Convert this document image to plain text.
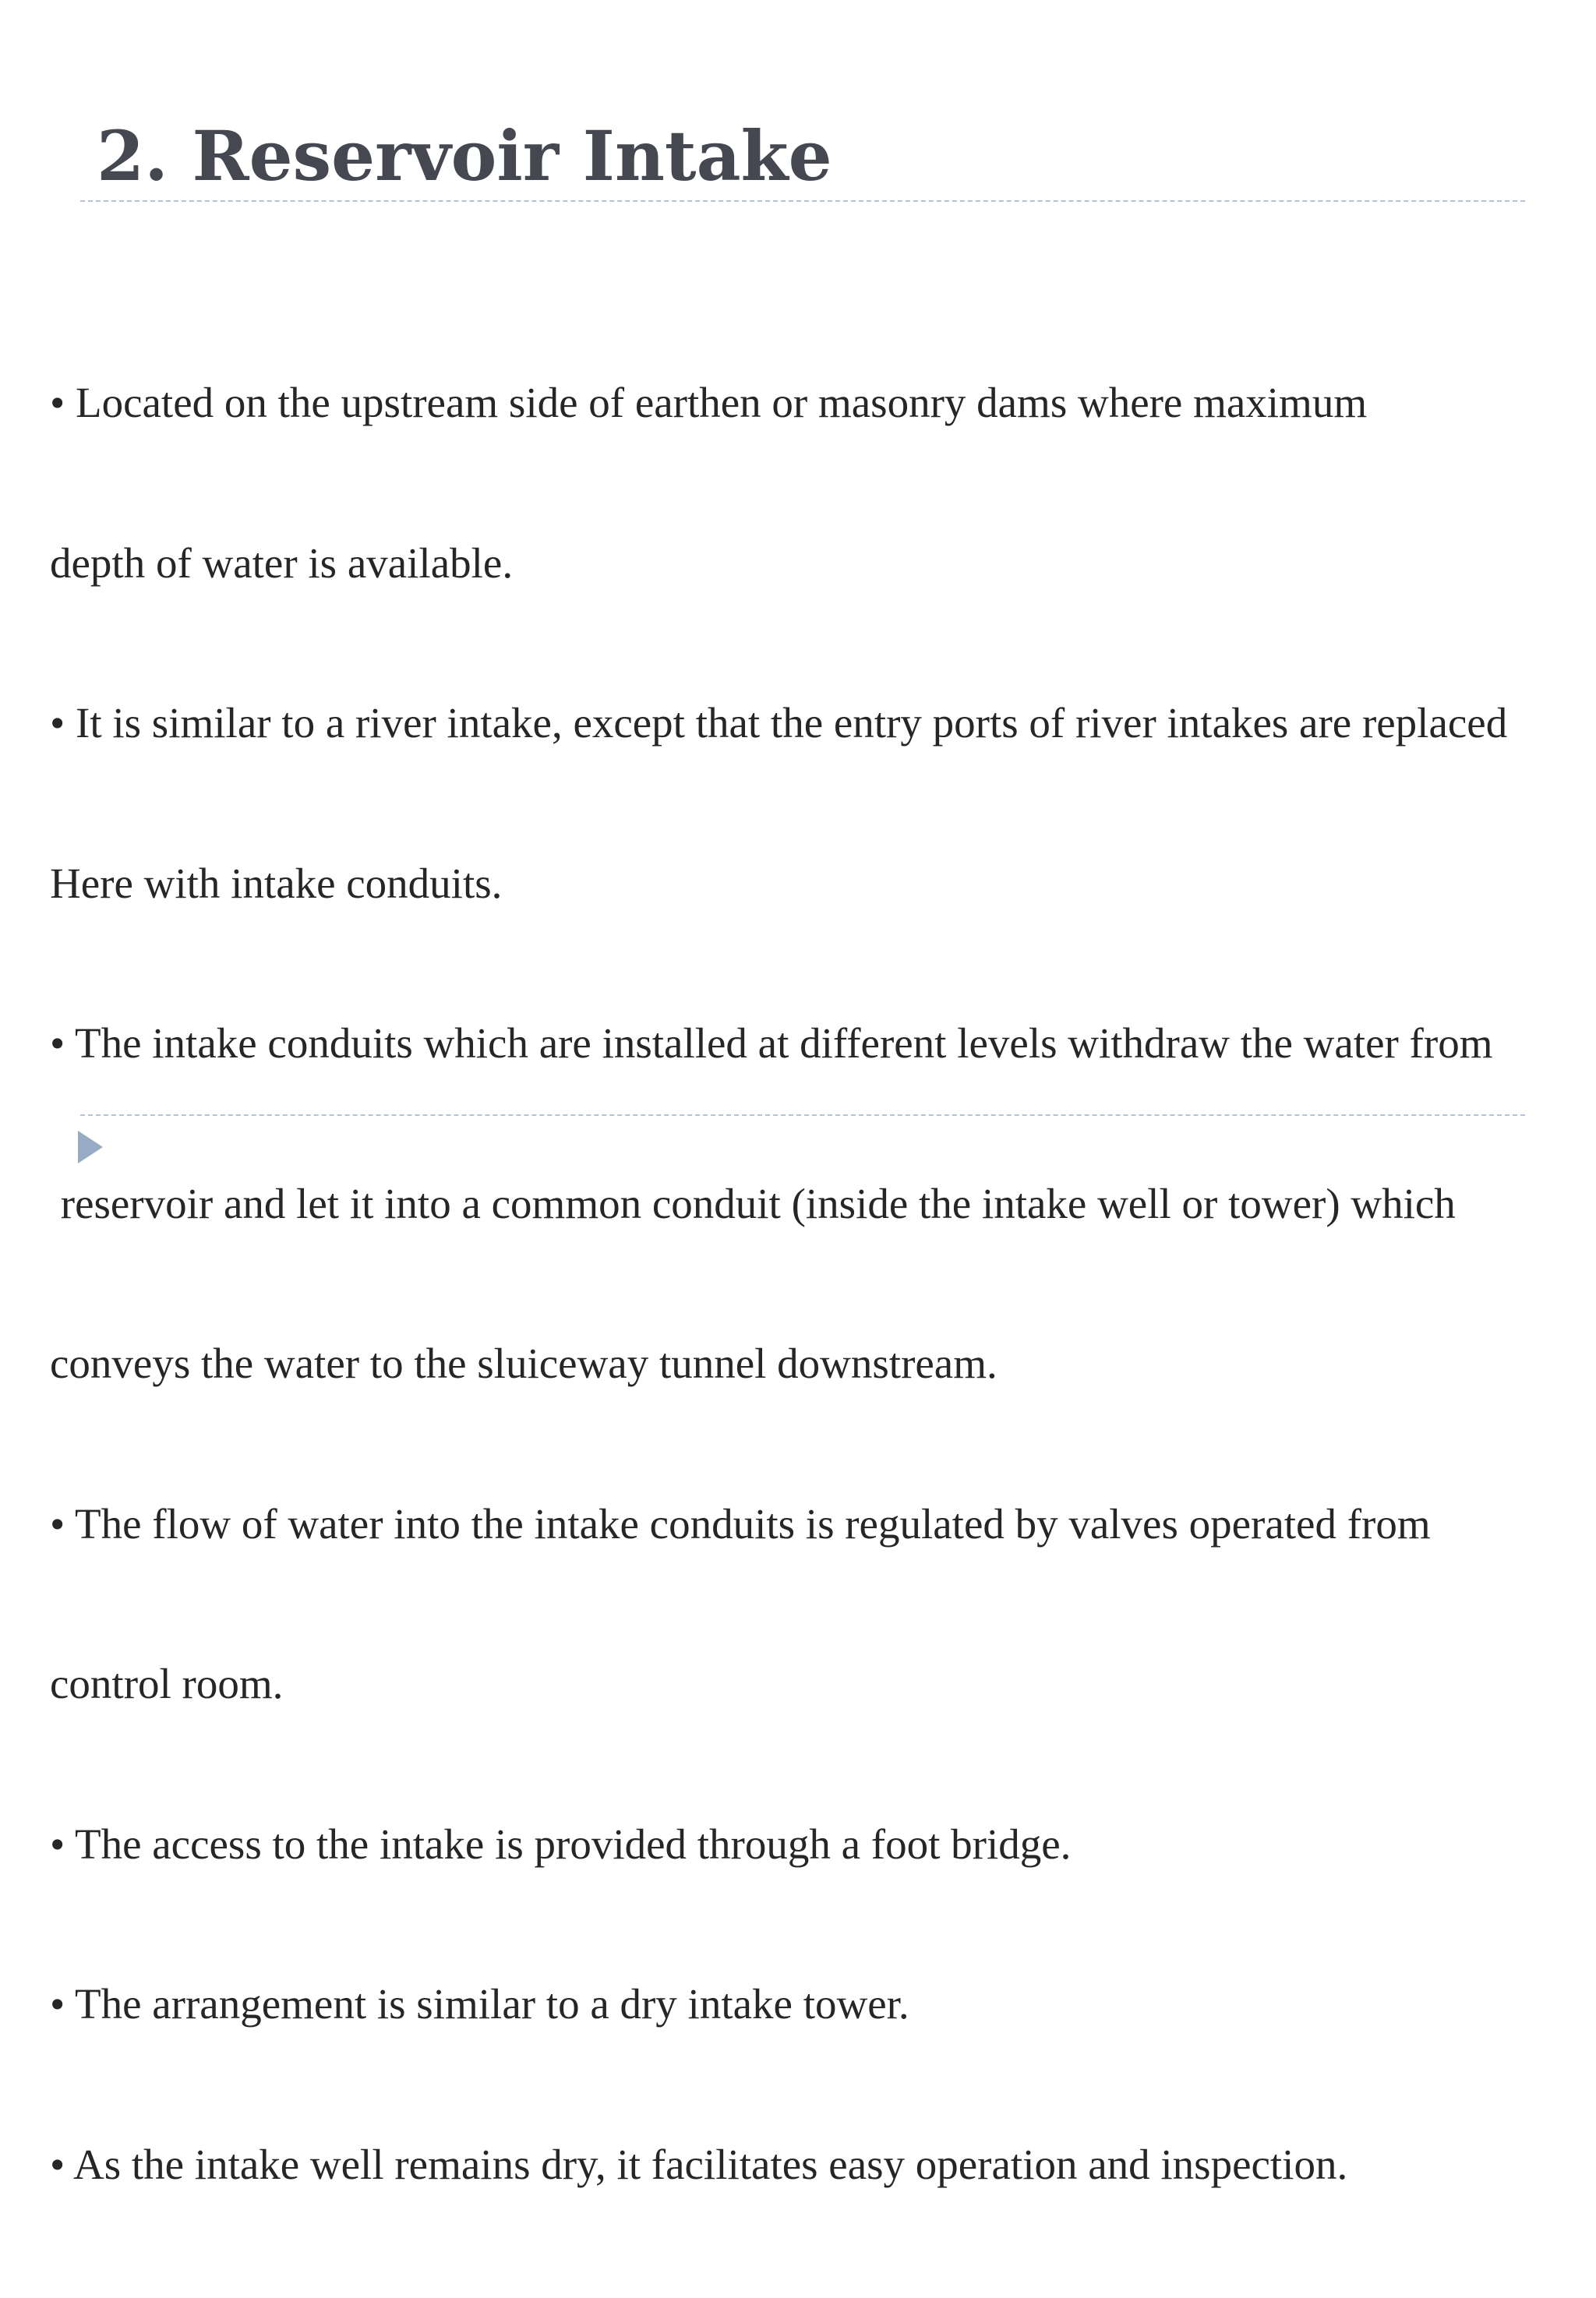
2. Reservoir Intake

• Located on the upstream side of earthen or masonry dams where maximum

depth of water is available.

• It is similar to a river intake, except that the entry ports of river intakes are replaced

Here with intake conduits.

• The intake conduits which are installed at different levels withdraw the water from

reservoir and let it into a common conduit (inside the intake well or tower) which

conveys the water to the sluiceway tunnel downstream.

• The flow of water into the intake conduits is regulated by valves operated from

control room.

• The access to the intake is provided through a foot bridge.

• The arrangement is similar to a dry intake tower.

• As the intake well remains dry, it facilitates easy operation and inspection.
